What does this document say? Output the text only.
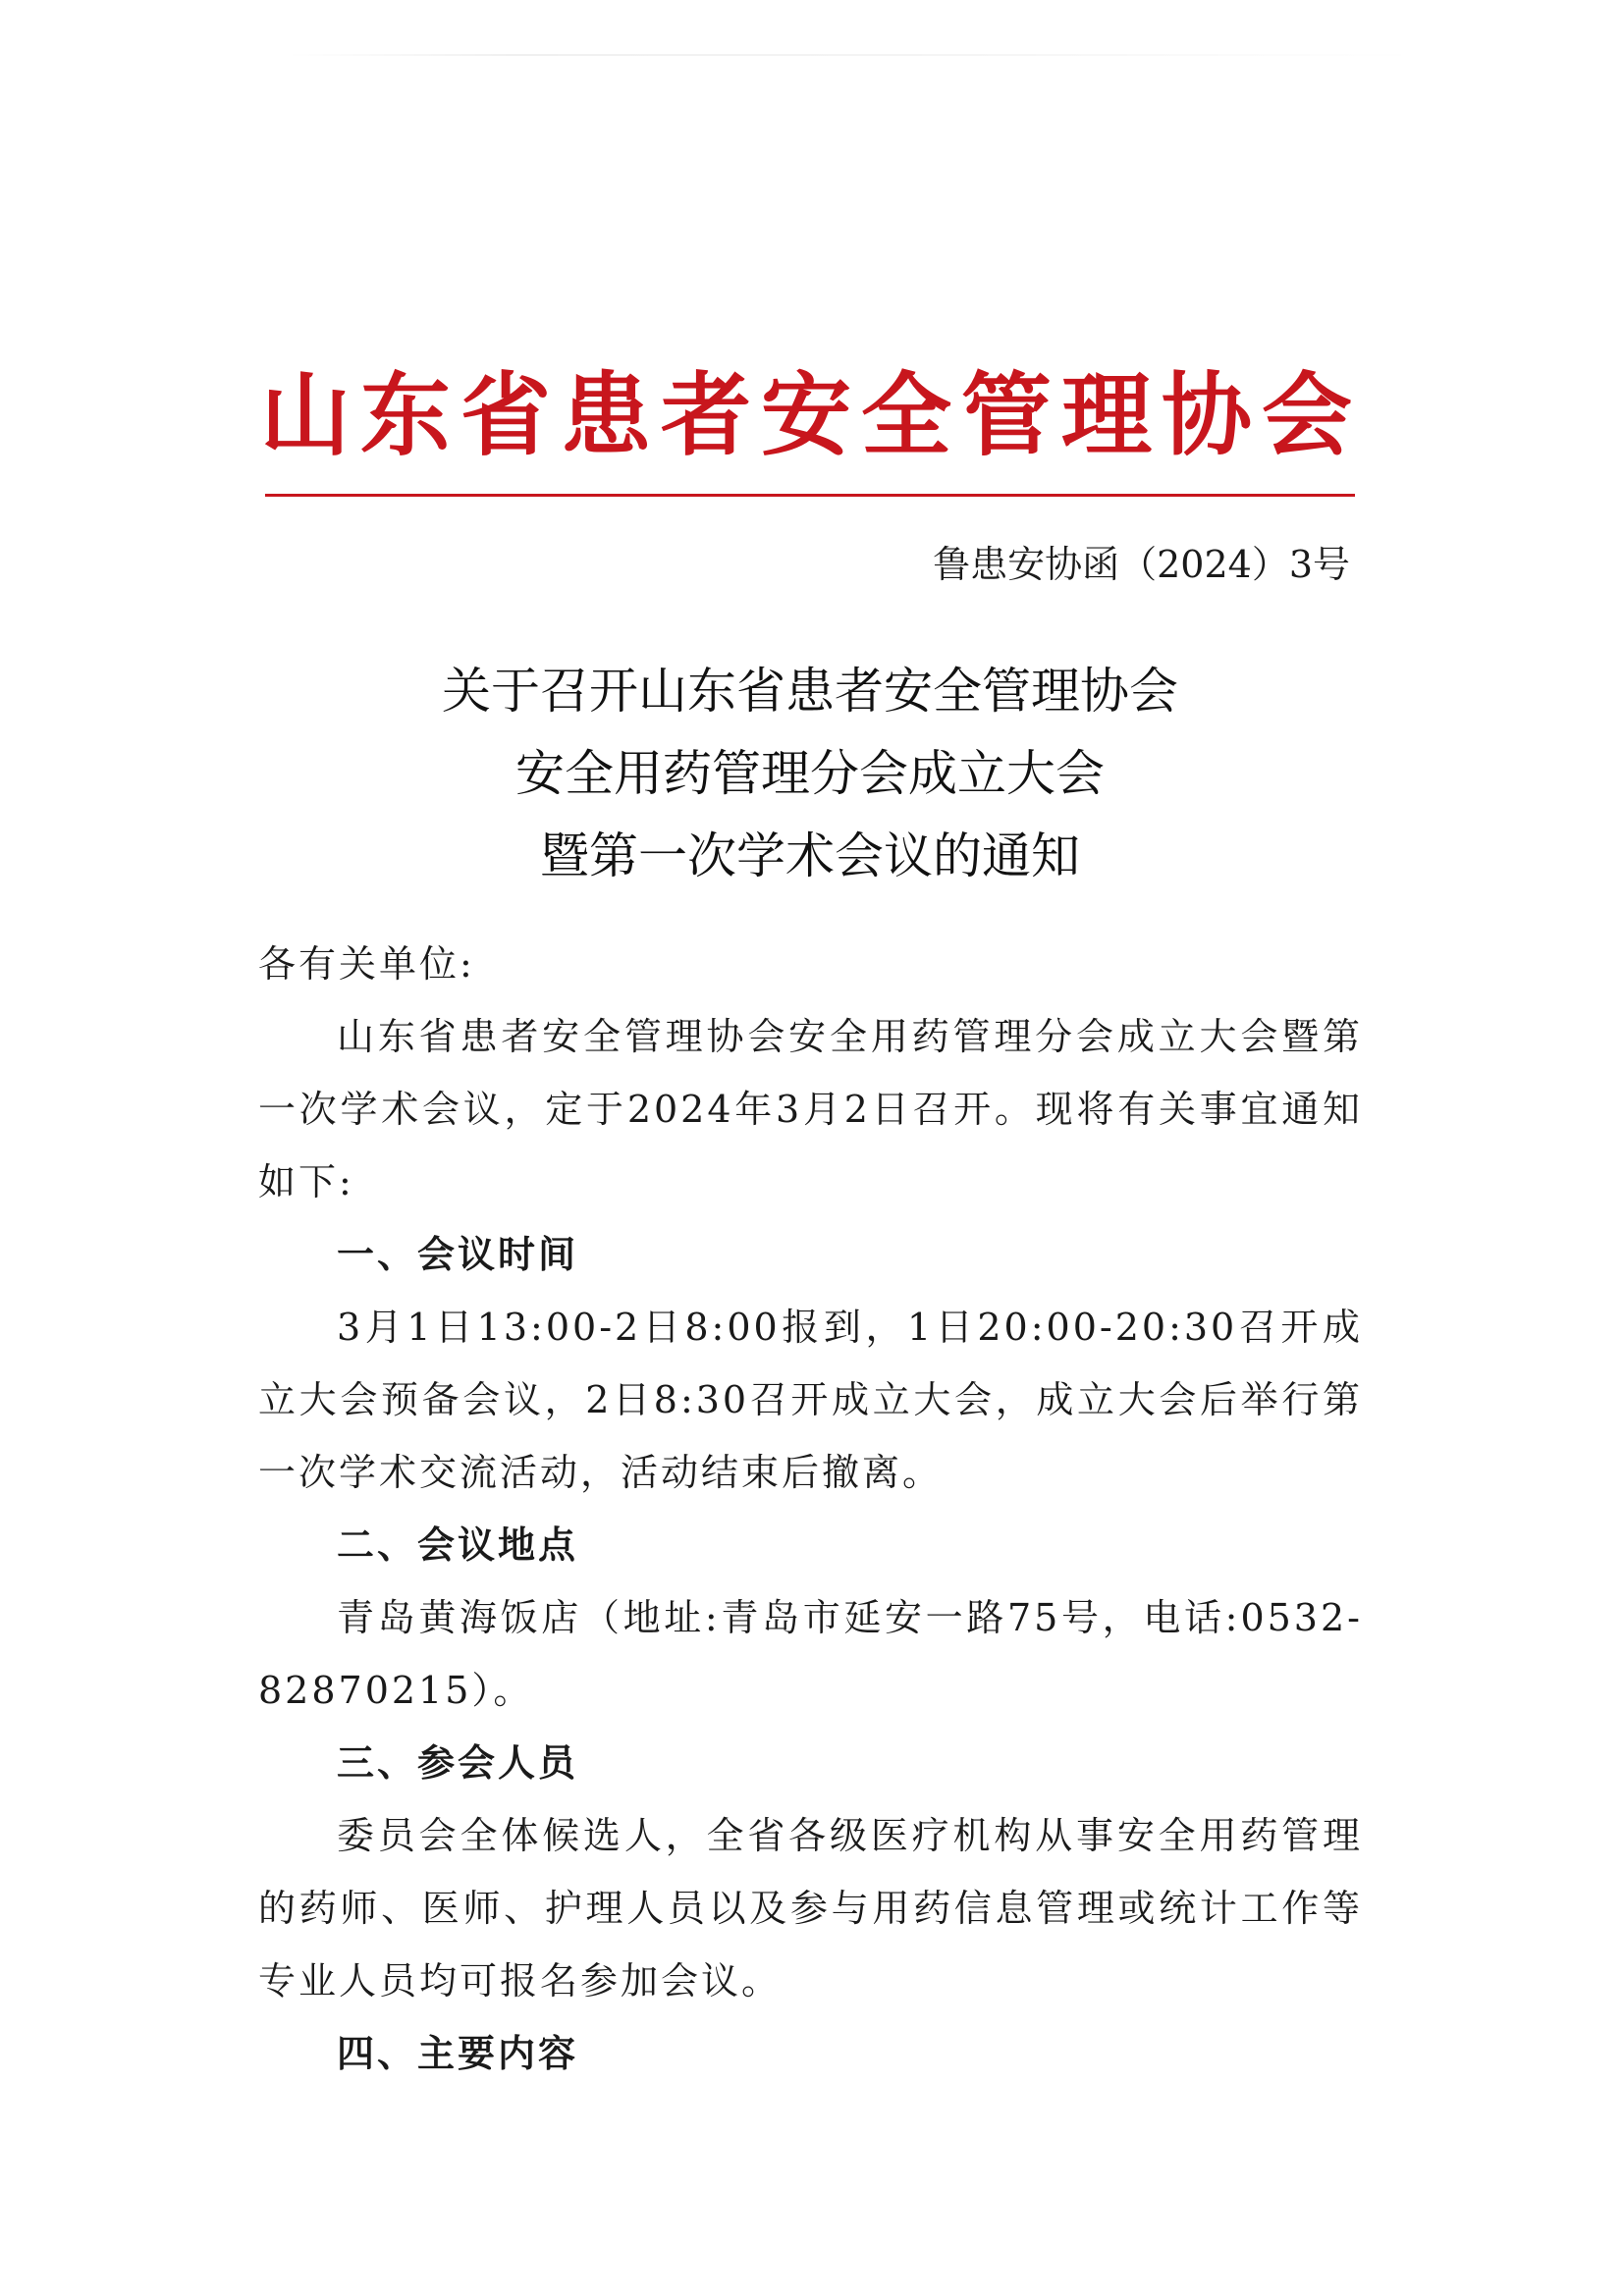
山东省患者安全管理协会
鲁患安协函（2024）3号
关于召开山东省患者安全管理协会
安全用药管理分会成立大会
暨第一次学术会议的通知

各有关单位:

山东省患者安全管理协会安全用药管理分会成立大会暨第一次学术会议，定于2024年3月2日召开。现将有关事宜通知如下:

一、会议时间

3月1日13:00-2日8:00报到，1日20:00-20:30召开成立大会预备会议，2日8:30召开成立大会，成立大会后举行第一次学术交流活动，活动结束后撤离。

二、会议地点

青岛黄海饭店（地址:青岛市延安一路75号，电话:0532-82870215）。

三、参会人员

委员会全体候选人，全省各级医疗机构从事安全用药管理的药师、医师、护理人员以及参与用药信息管理或统计工作等专业人员均可报名参加会议。

四、主要内容
